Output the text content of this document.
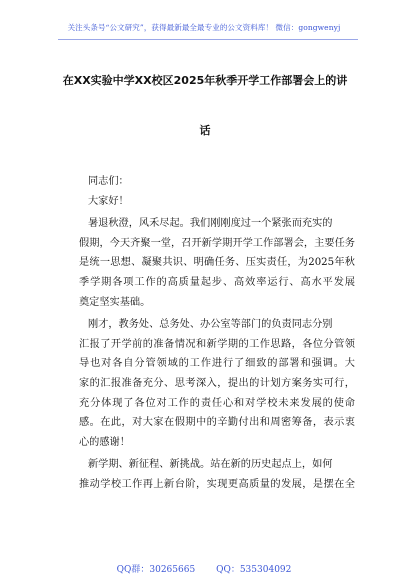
关注头条号“公文研究”，获得最新最全最专业的公文资料库！ 微信：gongwenyj
在XX实验中学XX校区2025年秋季开学工作部署会上的讲
话
同志们：
大家好！
暑退秋澄，风禾尽起。我们刚刚度过一个紧张而充实的
假期，今天齐聚一堂，召开新学期开学工作部署会，主要任务
是统一思想、凝聚共识、明确任务、压实责任，为2025年秋
季学期各项工作的高质量起步、高效率运行、高水平发展
奠定坚实基础。
刚才，教务处、总务处、办公室等部门的负责同志分别
汇报了开学前的准备情况和新学期的工作思路，各位分管领
导也对各自分管领域的工作进行了细致的部署和强调。大
家的汇报准备充分、思考深入，提出的计划方案务实可行，
充分体现了各位对工作的责任心和对学校未来发展的使命
感。在此，对大家在假期中的辛勤付出和周密筹备，表示衷
心的感谢！
新学期、新征程、新挑战。站在新的历史起点上，如何
推动学校工作再上新台阶，实现更高质量的发展，是摆在全
QQ群：30265665 QQ：535304092
